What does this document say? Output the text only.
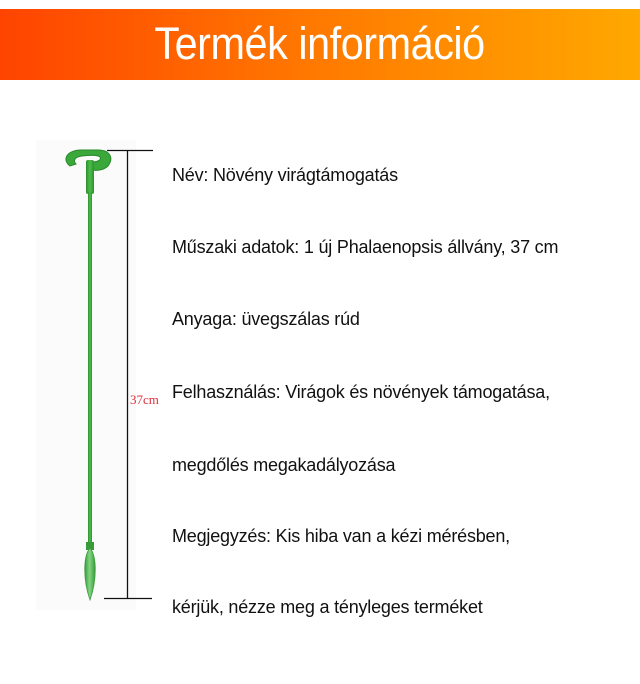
Termék információ
37cm
Név: Növény virágtámogatás
Műszaki adatok: 1 új Phalaenopsis állvány, 37 cm
Anyaga: üvegszálas rúd
Felhasználás: Virágok és növények támogatása,
megdőlés megakadályozása
Megjegyzés: Kis hiba van a kézi mérésben,
kérjük, nézze meg a tényleges terméket
